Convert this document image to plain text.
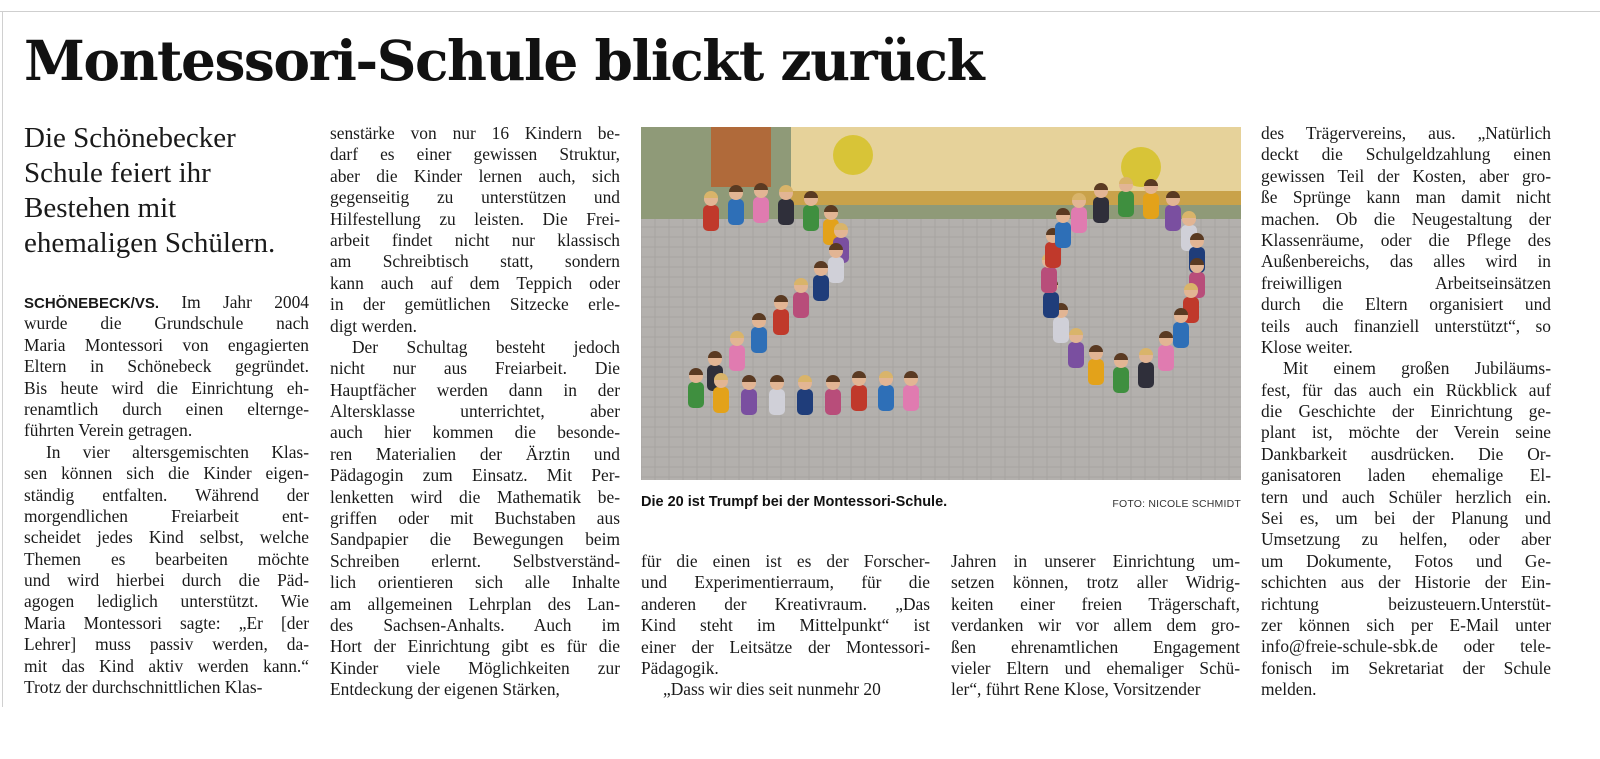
Montessori-Schule blickt zurück
Die Schönebecker
Schule feiert ihr
Bestehen mit
ehemaligen Schülern.
SCHÖNEBECK/VS. Im Jahr 2004
wurde die Grundschule nach
Maria Montessori von engagierten
Eltern in Schönebeck gegründet.
Bis heute wird die Einrichtung eh-
renamtlich durch einen elternge-
führten Verein getragen.
In vier altersgemischten Klas-
sen können sich die Kinder eigen-
ständig entfalten. Während der
morgendlichen Freiarbeit ent-
scheidet jedes Kind selbst, welche
Themen es bearbeiten möchte
und wird hierbei durch die Päd-
agogen lediglich unterstützt. Wie
Maria Montessori sagte: „Er [der
Lehrer] muss passiv werden, da-
mit das Kind aktiv werden kann.“
Trotz der durchschnittlichen Klas-
senstärke von nur 16 Kindern be-
darf es einer gewissen Struktur,
aber die Kinder lernen auch, sich
gegenseitig zu unterstützen und
Hilfestellung zu leisten. Die Frei-
arbeit findet nicht nur klassisch
am Schreibtisch statt, sondern
kann auch auf dem Teppich oder
in der gemütlichen Sitzecke erle-
digt werden.
Der Schultag besteht jedoch
nicht nur aus Freiarbeit. Die
Hauptfächer werden dann in der
Altersklasse unterrichtet, aber
auch hier kommen die besonde-
ren Materialien der Ärztin und
Pädagogin zum Einsatz. Mit Per-
lenketten wird die Mathematik be-
griffen oder mit Buchstaben aus
Sandpapier die Bewegungen beim
Schreiben erlernt. Selbstverständ-
lich orientieren sich alle Inhalte
am allgemeinen Lehrplan des Lan-
des Sachsen-Anhalts. Auch im
Hort der Einrichtung gibt es für die
Kinder viele Möglichkeiten zur
Entdeckung der eigenen Stärken,
Die 20 ist Trumpf bei der Montessori-Schule.	FOTO: NICOLE SCHMIDT
für die einen ist es der Forscher-
und Experimentierraum, für die
anderen der Kreativraum. „Das
Kind steht im Mittelpunkt“ ist
einer der Leitsätze der Montessori-
Pädagogik.
„Dass wir dies seit nunmehr 20
Jahren in unserer Einrichtung um-
setzen können, trotz aller Widrig-
keiten einer freien Trägerschaft,
verdanken wir vor allem dem gro-
ßen ehrenamtlichen Engagement
vieler Eltern und ehemaliger Schü-
ler“, führt Rene Klose, Vorsitzender
des Trägervereins, aus. „Natürlich
deckt die Schulgeldzahlung einen
gewissen Teil der Kosten, aber gro-
ße Sprünge kann man damit nicht
machen. Ob die Neugestaltung der
Klassenräume, oder die Pflege des
Außenbereichs, das alles wird in
freiwilligen Arbeitseinsätzen
durch die Eltern organisiert und
teils auch finanziell unterstützt“, so
Klose weiter.
Mit einem großen Jubiläums-
fest, für das auch ein Rückblick auf
die Geschichte der Einrichtung ge-
plant ist, möchte der Verein seine
Dankbarkeit ausdrücken. Die Or-
ganisatoren laden ehemalige El-
tern und auch Schüler herzlich ein.
Sei es, um bei der Planung und
Umsetzung zu helfen, oder aber
um Dokumente, Fotos und Ge-
schichten aus der Historie der Ein-
richtung beizusteuern.Unterstüt-
zer können sich per E-Mail unter
info@freie-schule-sbk.de oder tele-
fonisch im Sekretariat der Schule
melden.
